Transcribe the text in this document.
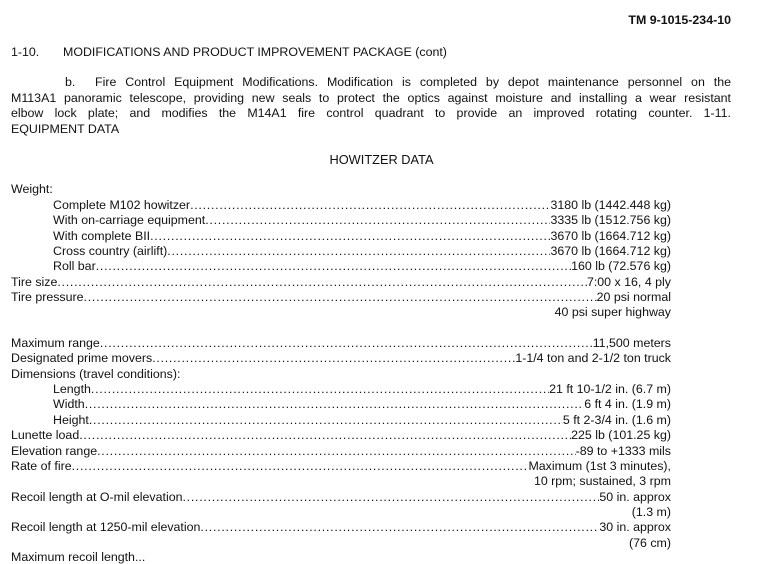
TM 9-1015-234-10
1-10. MODIFICATIONS AND PRODUCT IMPROVEMENT PACKAGE (cont)
b. Fire Control Equipment Modifications. Modification is completed by depot maintenance personnel on the
M113A1 panoramic telescope, providing new seals to protect the optics against moisture and installing a wear resistant
elbow lock plate; and modifies the M14A1 fire control quadrant to provide an improved rotating counter. 1-11.
EQUIPMENT DATA
HOWITZER DATA
Weight:
Complete M102 howitzer . . .	3180 lb (1442.448 kg)
With on-carriage equipment . . .	3335 lb (1512.756 kg)
With complete BII . . .	3670 lb (1664.712 kg)
Cross country (airlift) . . .	3670 lb (1664.712 kg)
Roll bar . . .	160 lb (72.576 kg)
Tire size . . .	7:00 x 16, 4 ply
Tire pressure . . .	20 psi normal
40 psi super highway
Maximum range . . .	11,500 meters
Designated prime movers . . .	1-1/4 ton and 2-1/2 ton truck
Dimensions (travel conditions):
Length . . .	21 ft 10-1/2 in. (6.7 m)
Width . . .	6 ft 4 in. (1.9 m)
Height . . .	5 ft 2-3/4 in. (1.6 m)
Lunette load . . .	225 lb (101.25 kg)
Elevation range . . .	-89 to +1333 mils
Rate of fire . . .	Maximum (1st 3 minutes),
10 rpm; sustained, 3 rpm
Recoil length at O-mil elevation . . .	50 in. approx
(1.3 m)
Recoil length at 1250-mil elevation . . .	30 in. approx
(76 cm)
Maximum recoil length...
